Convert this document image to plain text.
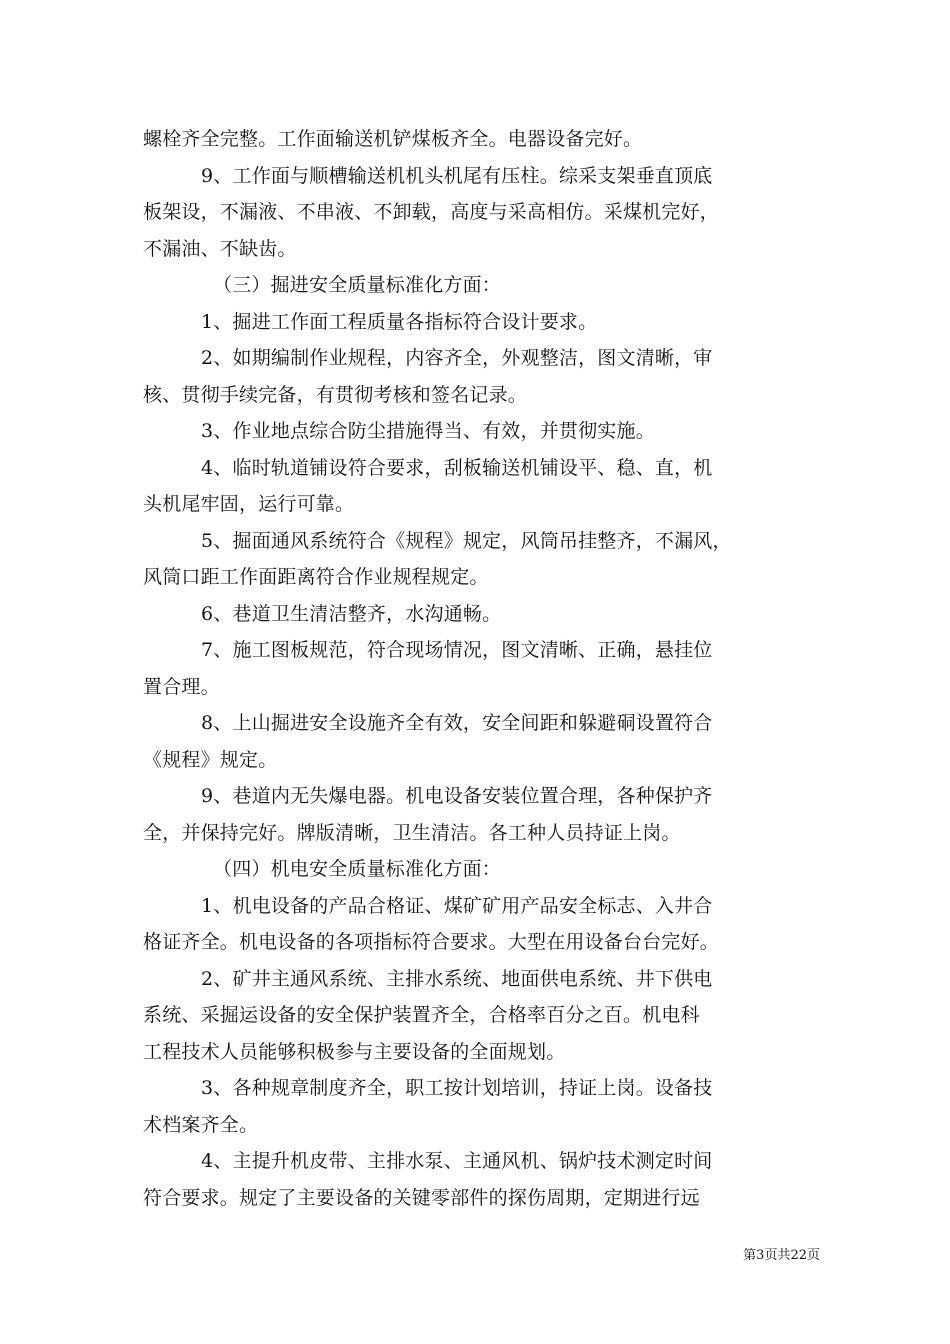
螺栓齐全完整。工作面输送机铲煤板齐全。电器设备完好。
9、工作面与顺槽输送机机头机尾有压柱。综采支架垂直顶底
板架设，不漏液、不串液、不卸载，高度与采高相仿。采煤机完好，
不漏油、不缺齿。
（三）掘进安全质量标准化方面：
1、掘进工作面工程质量各指标符合设计要求。
2、如期编制作业规程，内容齐全，外观整洁，图文清晰，审
核、贯彻手续完备，有贯彻考核和签名记录。
3、作业地点综合防尘措施得当、有效，并贯彻实施。
4、临时轨道铺设符合要求，刮板输送机铺设平、稳、直，机
头机尾牢固，运行可靠。
5、掘面通风系统符合《规程》规定，风筒吊挂整齐，不漏风，
风筒口距工作面距离符合作业规程规定。
6、巷道卫生清洁整齐，水沟通畅。
7、施工图板规范，符合现场情况，图文清晰、正确，悬挂位
置合理。
8、上山掘进安全设施齐全有效，安全间距和躲避硐设置符合
《规程》规定。
9、巷道内无失爆电器。机电设备安装位置合理，各种保护齐
全，并保持完好。牌版清晰，卫生清洁。各工种人员持证上岗。
（四）机电安全质量标准化方面：
1、机电设备的产品合格证、煤矿矿用产品安全标志、入井合
格证齐全。机电设备的各项指标符合要求。大型在用设备台台完好。
2、矿井主通风系统、主排水系统、地面供电系统、井下供电
系统、采掘运设备的安全保护装置齐全，合格率百分之百。机电科
工程技术人员能够积极参与主要设备的全面规划。
3、各种规章制度齐全，职工按计划培训，持证上岗。设备技
术档案齐全。
4、主提升机皮带、主排水泵、主通风机、锅炉技术测定时间
符合要求。规定了主要设备的关键零部件的探伤周期，定期进行远
第3页共22页
